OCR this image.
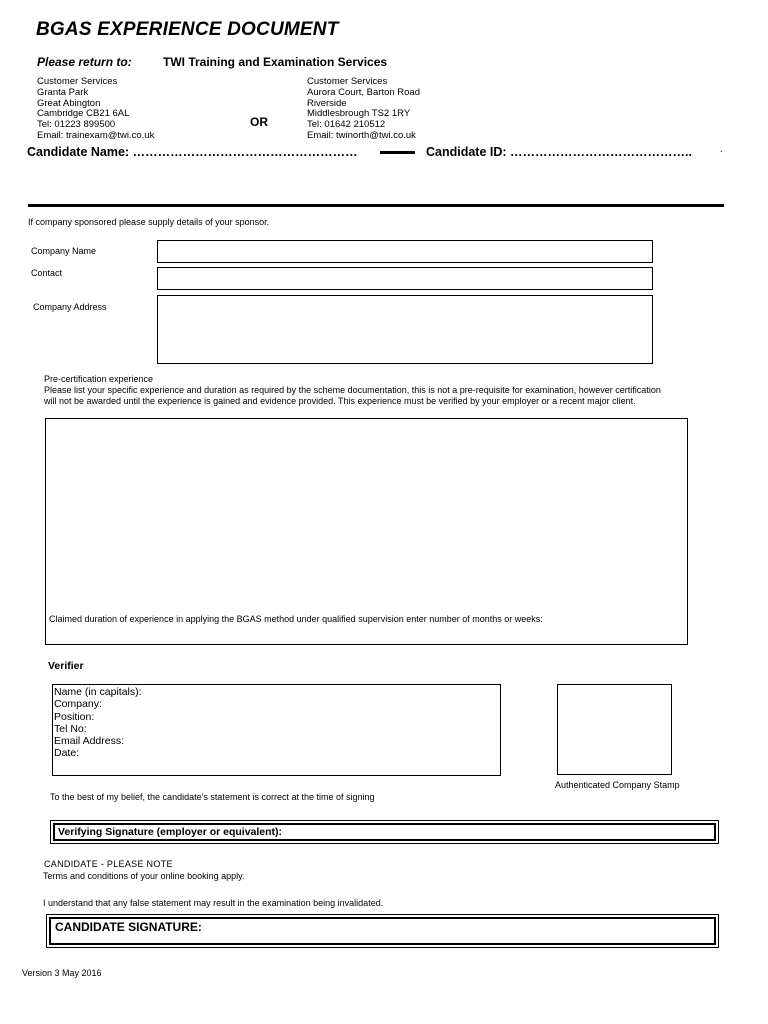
BGAS EXPERIENCE DOCUMENT
Please return to:	TWI Training and Examination Services
Customer Services
Granta Park
Great Abington
Cambridge CB21 6AL
Tel: 01223 899500
Email: trainexam@twi.co.uk
OR
Customer Services
Aurora Court, Barton Road
Riverside
Middlesbrough TS2 1RY
Tel: 01642 210512
Email: twinorth@twi.co.uk
Candidate Name: ………………………………………………	Candidate ID: ……………………………………..	.
If company sponsored please supply details of your sponsor.
Company Name
Contact
Company Address
Pre-certification experience
Please list your specific experience and duration as required by the scheme documentation, this is not a pre-requisite for examination, however certification
will not be awarded until the experience is gained and evidence provided. This experience must be verified by your employer or a recent major client.
Claimed duration of experience in applying the BGAS method under qualified supervision enter number of months or weeks:
Verifier
Name (in capitals):
Company:
Position:
Tel No:
Email Address:
Date:
Authenticated Company Stamp
To the best of my belief, the candidate’s statement is correct at the time of signing
Verifying Signature (employer or equivalent):
CANDIDATE - PLEASE NOTE
Terms and conditions of your online booking apply.
I understand that any false statement may result in the examination being invalidated.
CANDIDATE SIGNATURE:
Version 3 May 2016
